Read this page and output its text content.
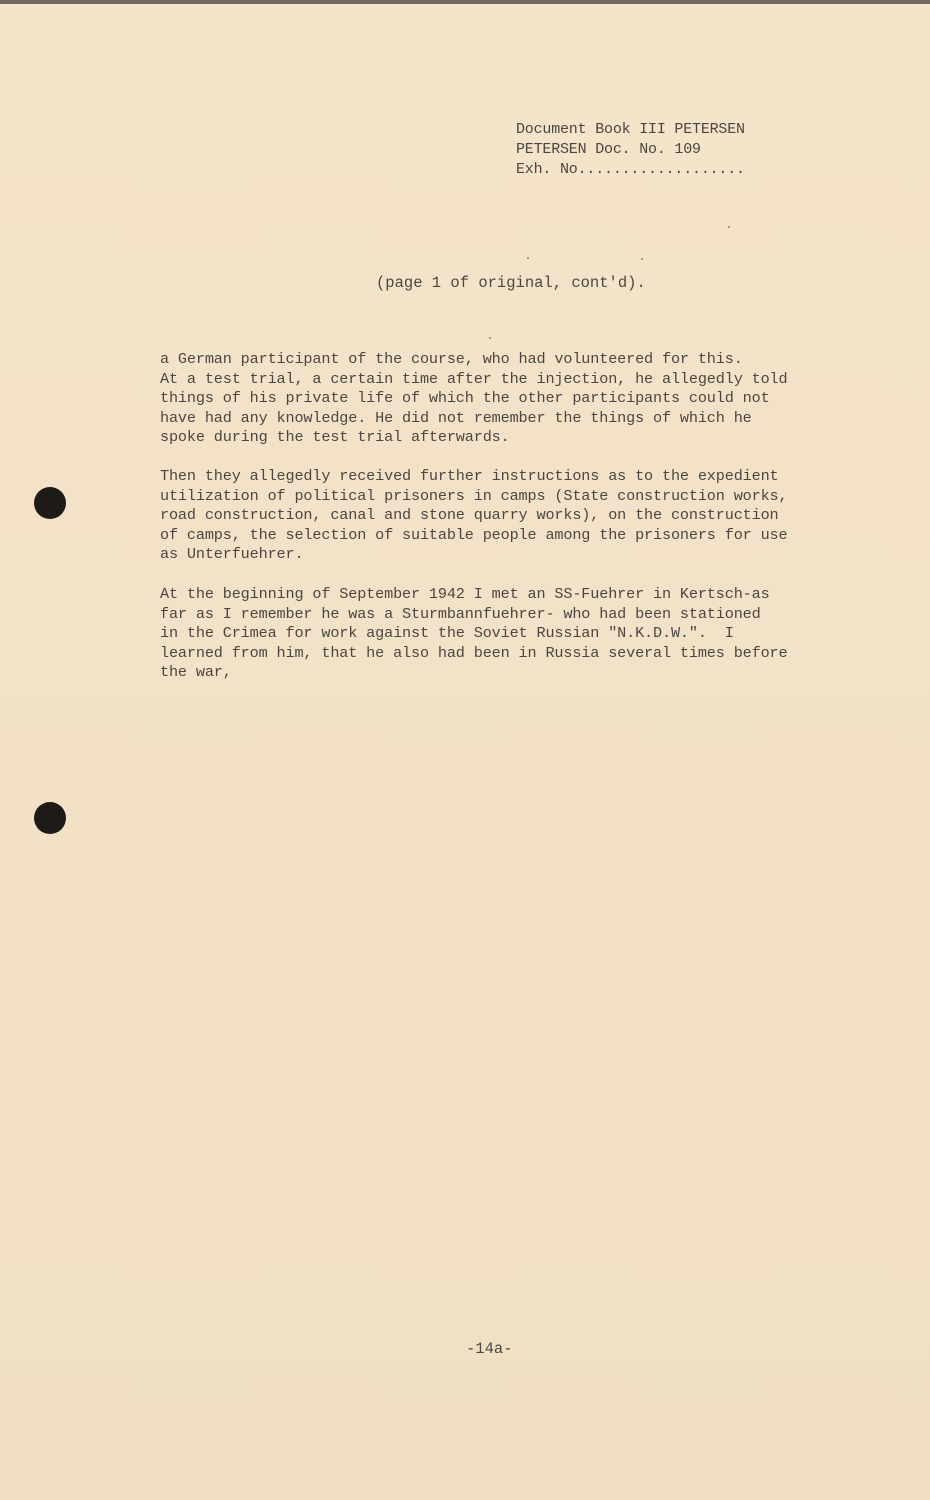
Document Book III PETERSEN
PETERSEN Doc. No. 109
Exh. No...................
(page 1 of original, cont'd).
a German participant of the course, who had volunteered for this.
At a test trial, a certain time after the injection, he allegedly told
things of his private life of which the other participants could not
have had any knowledge. He did not remember the things of which he
spoke during the test trial afterwards.
Then they allegedly received further instructions as to the expedient
utilization of political prisoners in camps (State construction works,
road construction, canal and stone quarry works), on the construction
of camps, the selection of suitable people among the prisoners for use
as Unterfuehrer.
At the beginning of September 1942 I met an SS-Fuehrer in Kertsch-as
far as I remember he was a Sturmbannfuehrer- who had been stationed
in the Crimea for work against the Soviet Russian "N.K.D.W.".  I
learned from him, that he also had been in Russia several times before
the war,
-14a-
